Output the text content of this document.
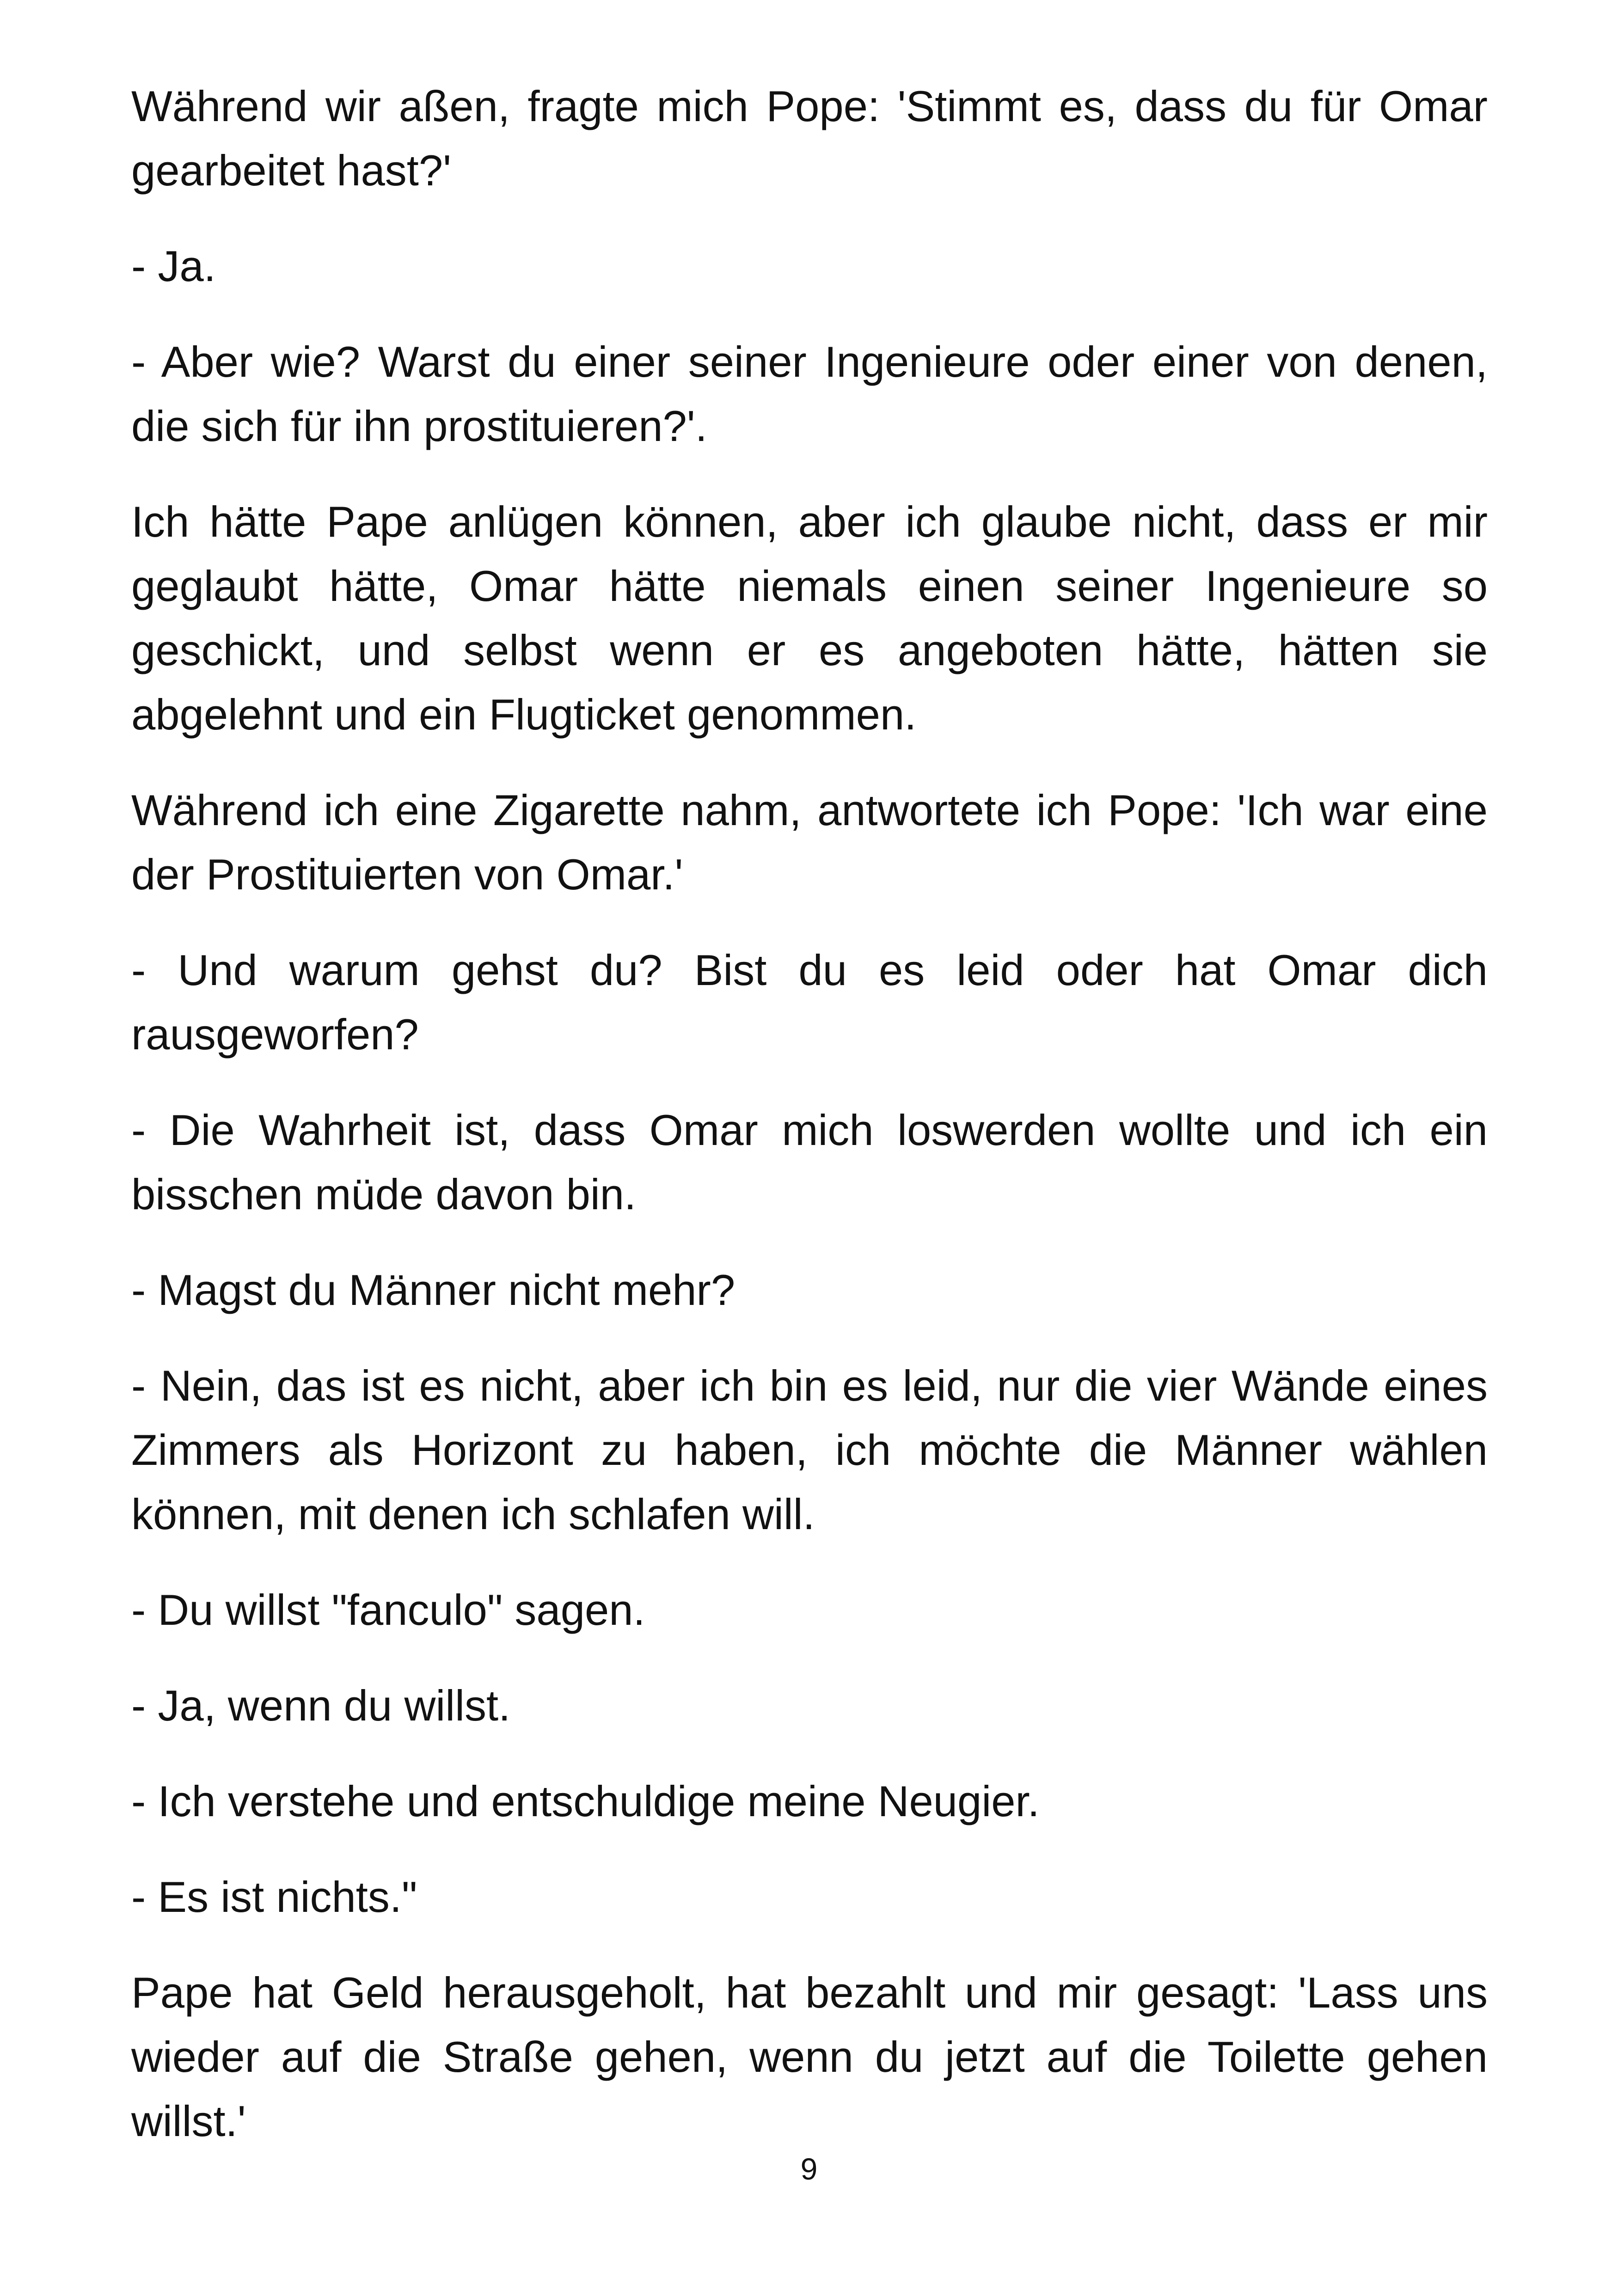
Während wir aßen, fragte mich Pope: 'Stimmt es, dass du für Omar gearbeitet hast?'

- Ja.

- Aber wie? Warst du einer seiner Ingenieure oder einer von denen, die sich für ihn prostituieren?'.

Ich hätte Pape anlügen können, aber ich glaube nicht, dass er mir geglaubt hätte, Omar hätte niemals einen seiner Ingenieure so geschickt, und selbst wenn er es angeboten hätte, hätten sie abgelehnt und ein Flugticket genommen.

Während ich eine Zigarette nahm, antwortete ich Pope: 'Ich war eine der Prostituierten von Omar.'

- Und warum gehst du? Bist du es leid oder hat Omar dich rausgeworfen?

- Die Wahrheit ist, dass Omar mich loswerden wollte und ich ein bisschen müde davon bin.

- Magst du Männer nicht mehr?

- Nein, das ist es nicht, aber ich bin es leid, nur die vier Wände eines Zimmers als Horizont zu haben, ich möchte die Männer wählen können, mit denen ich schlafen will.

- Du willst "fanculo" sagen.

- Ja, wenn du willst.

- Ich verstehe und entschuldige meine Neugier.

- Es ist nichts."

Pape hat Geld herausgeholt, hat bezahlt und mir gesagt: 'Lass uns wieder auf die Straße gehen, wenn du jetzt auf die Toilette gehen willst.'

9
